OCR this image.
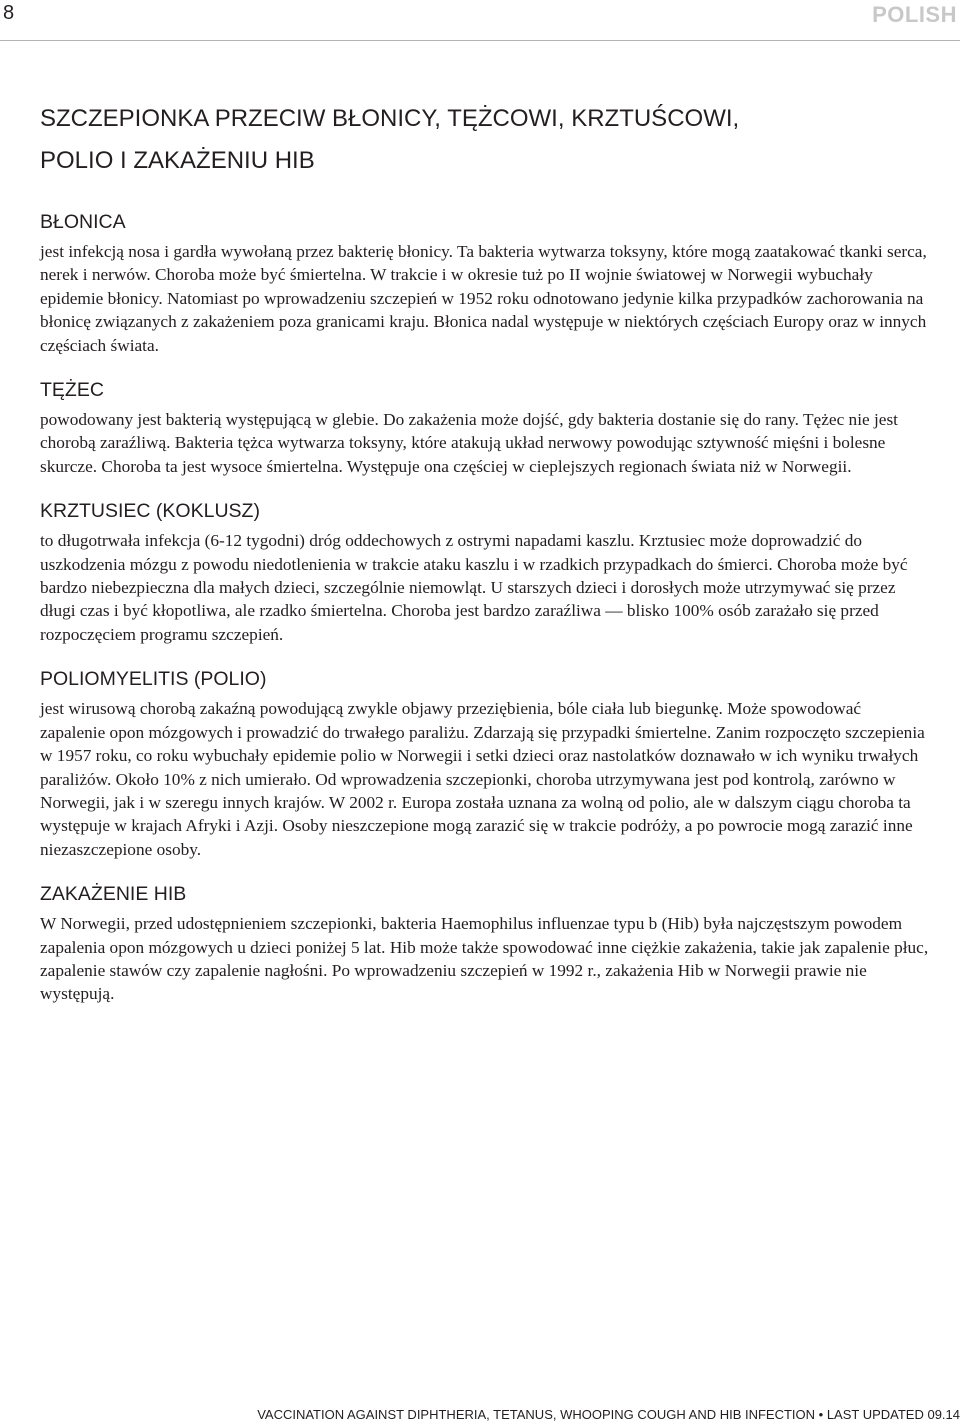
8	POLISH
SZCZEPIONKA PRZECIW BŁONICY, TĘŻCOWI, KRZTUŚCOWI,
POLIO I ZAKAŻENIU HIB
BŁONICA

jest infekcją nosa i gardła wywołaną przez bakterię błonicy. Ta bakteria wytwarza toksyny, które mogą zaatakować tkanki serca, nerek i nerwów. Choroba może być śmiertelna. W trakcie i w okresie tuż po II wojnie światowej w Norwegii wybuchały epidemie błonicy. Natomiast po wprowadzeniu szczepień w 1952 roku odnotowano jedynie kilka przypadków zachorowania na błonicę związanych z zakażeniem poza granicami kraju. Błonica nadal występuje w niektórych częściach Europy oraz w innych częściach świata.

TĘŻEC

powodowany jest bakterią występującą w glebie. Do zakażenia może dojść, gdy bakteria dostanie się do rany. Tężec nie jest chorobą zaraźliwą. Bakteria tężca wytwarza toksyny, które atakują układ nerwowy powodując sztywność mięśni i bolesne skurcze. Choroba ta jest wysoce śmiertelna. Występuje ona częściej w cieplejszych regionach świata niż w Norwegii.

KRZTUSIEC (KOKLUSZ)

to długotrwała infekcja (6-12 tygodni) dróg oddechowych z ostrymi napadami kaszlu. Krztusiec może doprowadzić do uszkodzenia mózgu z powodu niedotlenienia w trakcie ataku kaszlu i w rzadkich przypadkach do śmierci. Choroba może być bardzo niebezpieczna dla małych dzieci, szczególnie niemowląt. U starszych dzieci i dorosłych może utrzymywać się przez długi czas i być kłopotliwa, ale rzadko śmiertelna. Choroba jest bardzo zaraźliwa — blisko 100% osób zarażało się przed rozpoczęciem programu szczepień.

POLIOMYELITIS (POLIO)

jest wirusową chorobą zakaźną powodującą zwykle objawy przeziębienia, bóle ciała lub biegunkę. Może spowodować zapalenie opon mózgowych i prowadzić do trwałego paraliżu. Zdarzają się przypadki śmiertelne. Zanim rozpoczęto szczepienia w 1957 roku, co roku wybuchały epidemie polio w Norwegii i setki dzieci oraz nastolatków doznawało w ich wyniku trwałych paraliżów. Około 10% z nich umierało. Od wprowadzenia szczepionki, choroba utrzymywana jest pod kontrolą, zarówno w Norwegii, jak i w szeregu innych krajów. W 2002 r. Europa została uznana za wolną od polio, ale w dalszym ciągu choroba ta występuje w krajach Afryki i Azji. Osoby nieszczepione mogą zarazić się w trakcie podróży, a po powrocie mogą zarazić inne niezaszczepione osoby.

ZAKAŻENIE HIB

W Norwegii, przed udostępnieniem szczepionki, bakteria Haemophilus influenzae typu b (Hib) była najczęstszym powodem zapalenia opon mózgowych u dzieci poniżej 5 lat. Hib może także spowodować inne ciężkie zakażenia, takie jak zapalenie płuc, zapalenie stawów czy zapalenie nagłośni. Po wprowadzeniu szczepień w 1992 r., zakażenia Hib w Norwegii prawie nie występują.

VACCINATION AGAINST DIPHTHERIA, TETANUS, WHOOPING COUGH AND HIB INFECTION • LAST UPDATED 09.14
